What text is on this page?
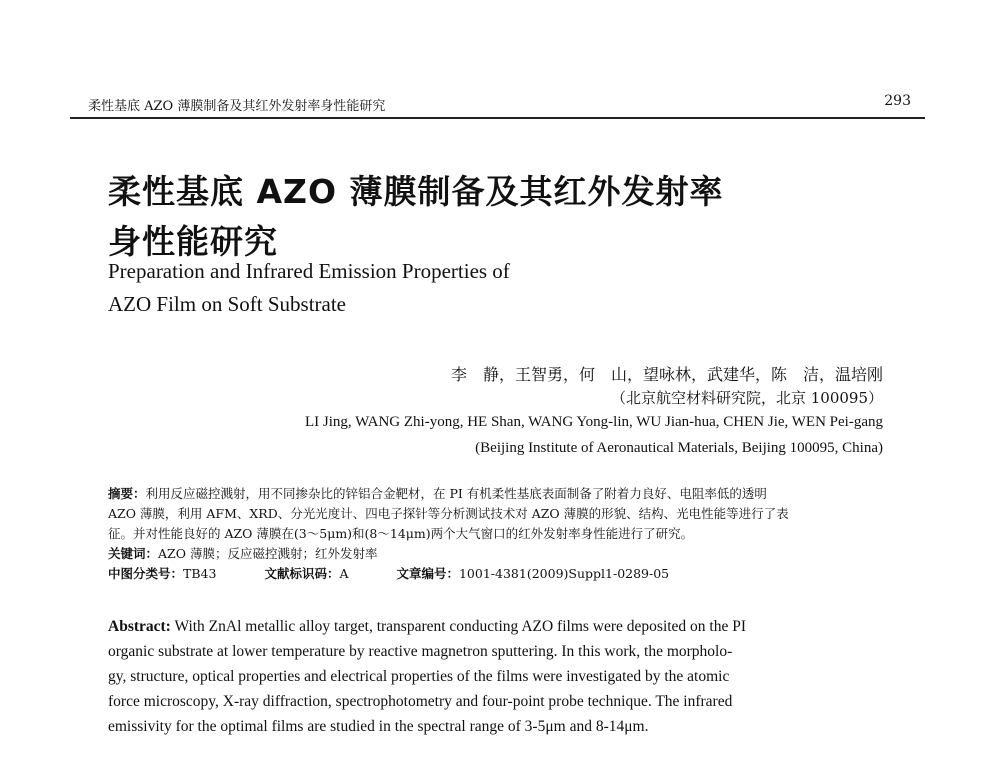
柔性基底 AZO 薄膜制备及其红外发射率身性能研究	293
柔性基底 AZO 薄膜制备及其红外发射率
身性能研究
Preparation and Infrared Emission Properties of
AZO Film on Soft Substrate
李　静，王智勇，何　山，望咏林，武建华，陈　洁，温培刚
（北京航空材料研究院，北京 100095）
LI Jing, WANG Zhi-yong, HE Shan, WANG Yong-lin, WU Jian-hua, CHEN Jie, WEN Pei-gang
(Beijing Institute of Aeronautical Materials, Beijing 100095, China)
摘要：利用反应磁控溅射，用不同掺杂比的锌铝合金靶材，在 PI 有机柔性基底表面制备了附着力良好、电阻率低的透明
AZO 薄膜，利用 AFM、XRD、分光光度计、四电子探针等分析测试技术对 AZO 薄膜的形貌、结构、光电性能等进行了表
征。并对性能良好的 AZO 薄膜在(3～5μm)和(8～14μm)两个大气窗口的红外发射率身性能进行了研究。
关键词：AZO 薄膜；反应磁控溅射；红外发射率
中图分类号：TB43	文献标识码：A	文章编号：1001-4381(2009)Suppl1-0289-05
Abstract: With ZnAl metallic alloy target, transparent conducting AZO films were deposited on the PI
organic substrate at lower temperature by reactive magnetron sputtering. In this work, the morpholo-
gy, structure, optical properties and electrical properties of the films were investigated by the atomic
force microscopy, X-ray diffraction, spectrophotometry and four-point probe technique. The infrared
emissivity for the optimal films are studied in the spectral range of 3-5μm and 8-14μm.
